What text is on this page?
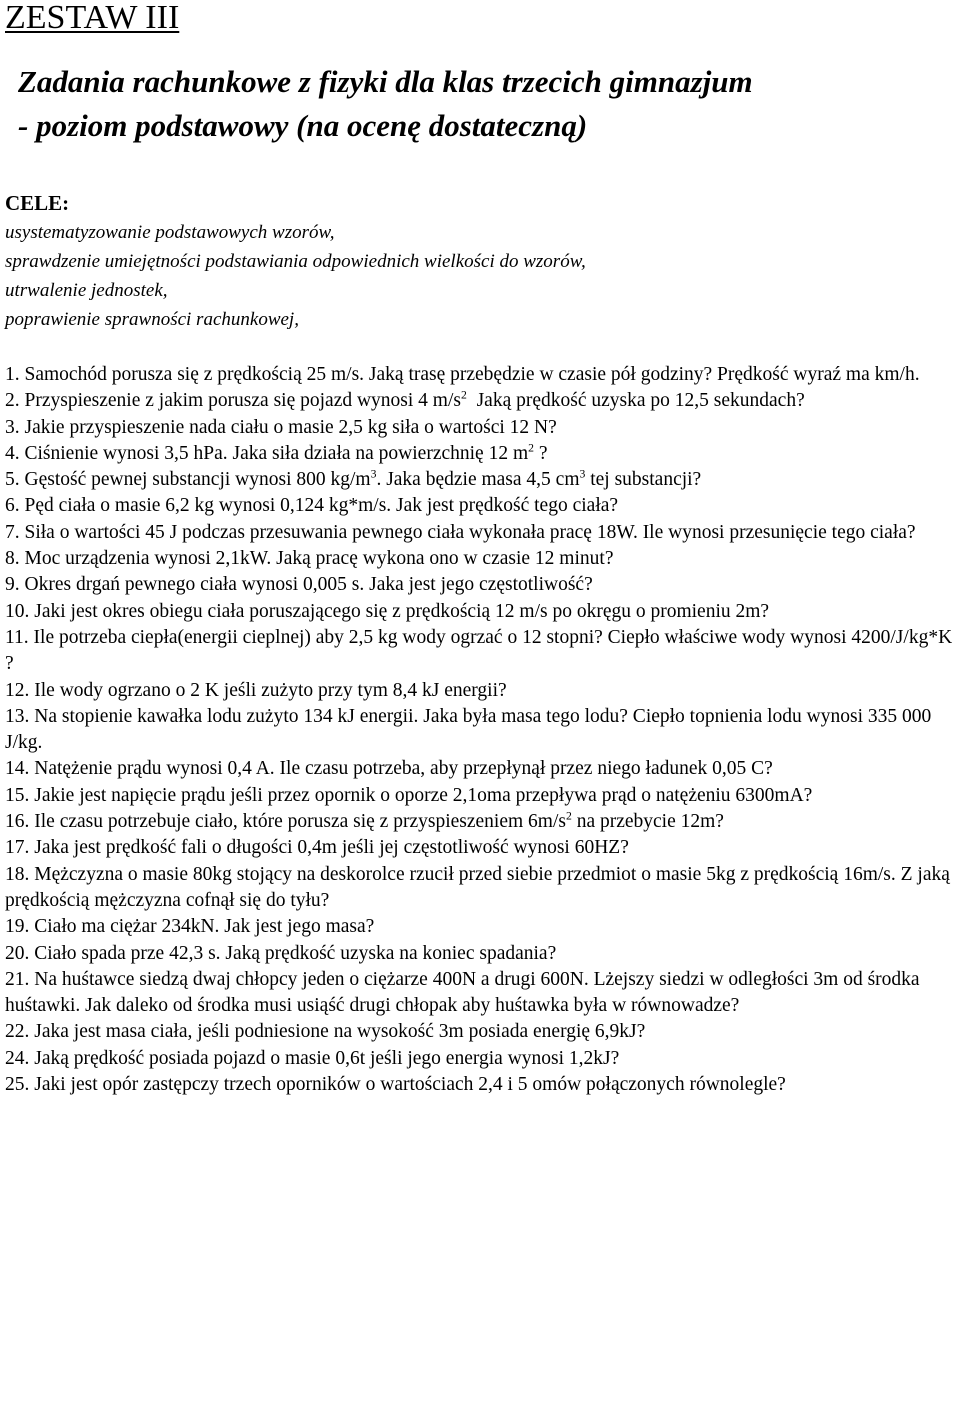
ZESTAW III
Zadania rachunkowe z fizyki dla klas trzecich gimnazjum
- poziom podstawowy (na ocenę dostateczną)
CELE:
usystematyzowanie podstawowych wzorów,
sprawdzenie umiejętności podstawiania odpowiednich wielkości do wzorów,
utrwalenie jednostek,
poprawienie sprawności rachunkowej,
1. Samochód porusza się z prędkością 25 m/s. Jaką trasę przebędzie w czasie pół godziny? Prędkość wyraź ma km/h.
2. Przyspieszenie z jakim porusza się pojazd wynosi 4 $m/s^2$  Jaką prędkość uzyska po 12,5 sekundach?
3. Jakie przyspieszenie nada ciału o masie 2,5 kg siła o wartości 12 N?
4. Ciśnienie wynosi 3,5 hPa. Jaka siła działa na powierzchnię 12 $m^2$ ?
5. Gęstość pewnej substancji wynosi 800 $kg/m^3$. Jaka będzie masa 4,5 $cm^3$ tej substancji?
6. Pęd ciała o masie 6,2 kg wynosi 0,124 kg*m/s. Jak jest prędkość tego ciała?
7. Siła o wartości 45 J podczas przesuwania pewnego ciała wykonała pracę 18W. Ile wynosi przesunięcie tego ciała?
8. Moc urządzenia wynosi 2,1kW. Jaką pracę wykona ono w czasie 12 minut?
9. Okres drgań pewnego ciała wynosi 0,005 s. Jaka jest jego częstotliwość?
10. Jaki jest okres obiegu ciała poruszającego się z prędkością 12 m/s po okręgu o promieniu 2m?
11. Ile potrzeba ciepła(energii cieplnej) aby 2,5 kg wody ogrzać o 12 stopni? Ciepło właściwe wody wynosi 4200/J/kg*K ?
12. Ile wody ogrzano o 2 K jeśli zużyto przy tym 8,4 kJ energii?
13. Na stopienie kawałka lodu zużyto 134 kJ energii. Jaka była masa tego lodu? Ciepło topnienia lodu wynosi 335 000 J/kg.
14. Natężenie prądu wynosi 0,4 A. Ile czasu potrzeba, aby przepłynął przez niego ładunek 0,05 C?
15. Jakie jest napięcie prądu jeśli przez opornik o oporze 2,1oma przepływa prąd o natężeniu 6300mA?
16. Ile czasu potrzebuje ciało, które porusza się z przyspieszeniem $6m/s^2$ na przebycie 12m?
17. Jaka jest prędkość fali o długości 0,4m jeśli jej częstotliwość wynosi 60HZ?
18. Mężczyzna o masie 80kg stojący na deskorolce rzucił przed siebie przedmiot o masie 5kg z prędkością 16m/s. Z jaką prędkością mężczyzna cofnął się do tyłu?
19. Ciało ma ciężar 234kN. Jak jest jego masa?
20. Ciało spada prze 42,3 s. Jaką prędkość uzyska na koniec spadania?
21. Na huśtawce siedzą dwaj chłopcy jeden o ciężarze 400N a drugi 600N. Lżejszy siedzi w odległości 3m od środka huśtawki. Jak daleko od środka musi usiąść drugi chłopak aby huśtawka była w równowadze?
22. Jaka jest masa ciała, jeśli podniesione na wysokość 3m posiada energię 6,9kJ?
24. Jaką prędkość posiada pojazd o masie 0,6t jeśli jego energia wynosi 1,2kJ?
25. Jaki jest opór zastępczy trzech oporników o wartościach 2,4 i 5 omów połączonych równolegle?
